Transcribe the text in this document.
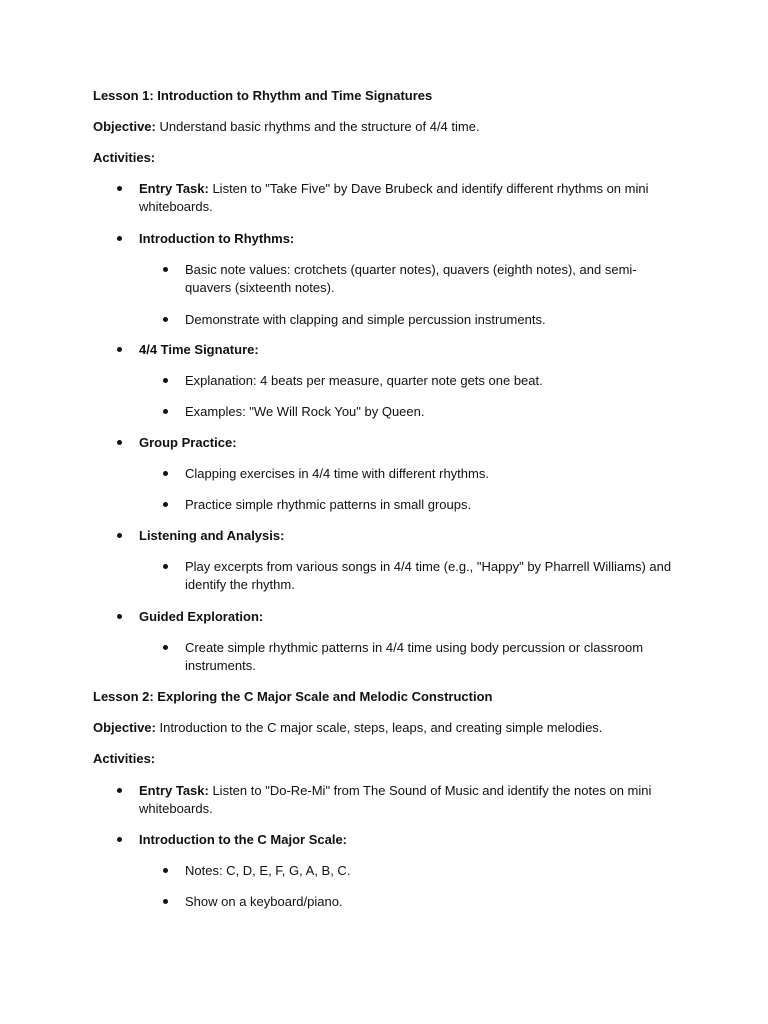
Lesson 1: Introduction to Rhythm and Time Signatures
Objective: Understand basic rhythms and the structure of 4/4 time.
Activities:
Entry Task: Listen to "Take Five" by Dave Brubeck and identify different rhythms on mini
whiteboards.
Introduction to Rhythms:
Basic note values: crotchets (quarter notes), quavers (eighth notes), and semi-
quavers (sixteenth notes).
Demonstrate with clapping and simple percussion instruments.
4/4 Time Signature:
Explanation: 4 beats per measure, quarter note gets one beat.
Examples: "We Will Rock You" by Queen.
Group Practice:
Clapping exercises in 4/4 time with different rhythms.
Practice simple rhythmic patterns in small groups.
Listening and Analysis:
Play excerpts from various songs in 4/4 time (e.g., "Happy" by Pharrell Williams) and
identify the rhythm.
Guided Exploration:
Create simple rhythmic patterns in 4/4 time using body percussion or classroom
instruments.
Lesson 2: Exploring the C Major Scale and Melodic Construction
Objective: Introduction to the C major scale, steps, leaps, and creating simple melodies.
Activities:
Entry Task: Listen to "Do-Re-Mi" from The Sound of Music and identify the notes on mini
whiteboards.
Introduction to the C Major Scale:
Notes: C, D, E, F, G, A, B, C.
Show on a keyboard/piano.
